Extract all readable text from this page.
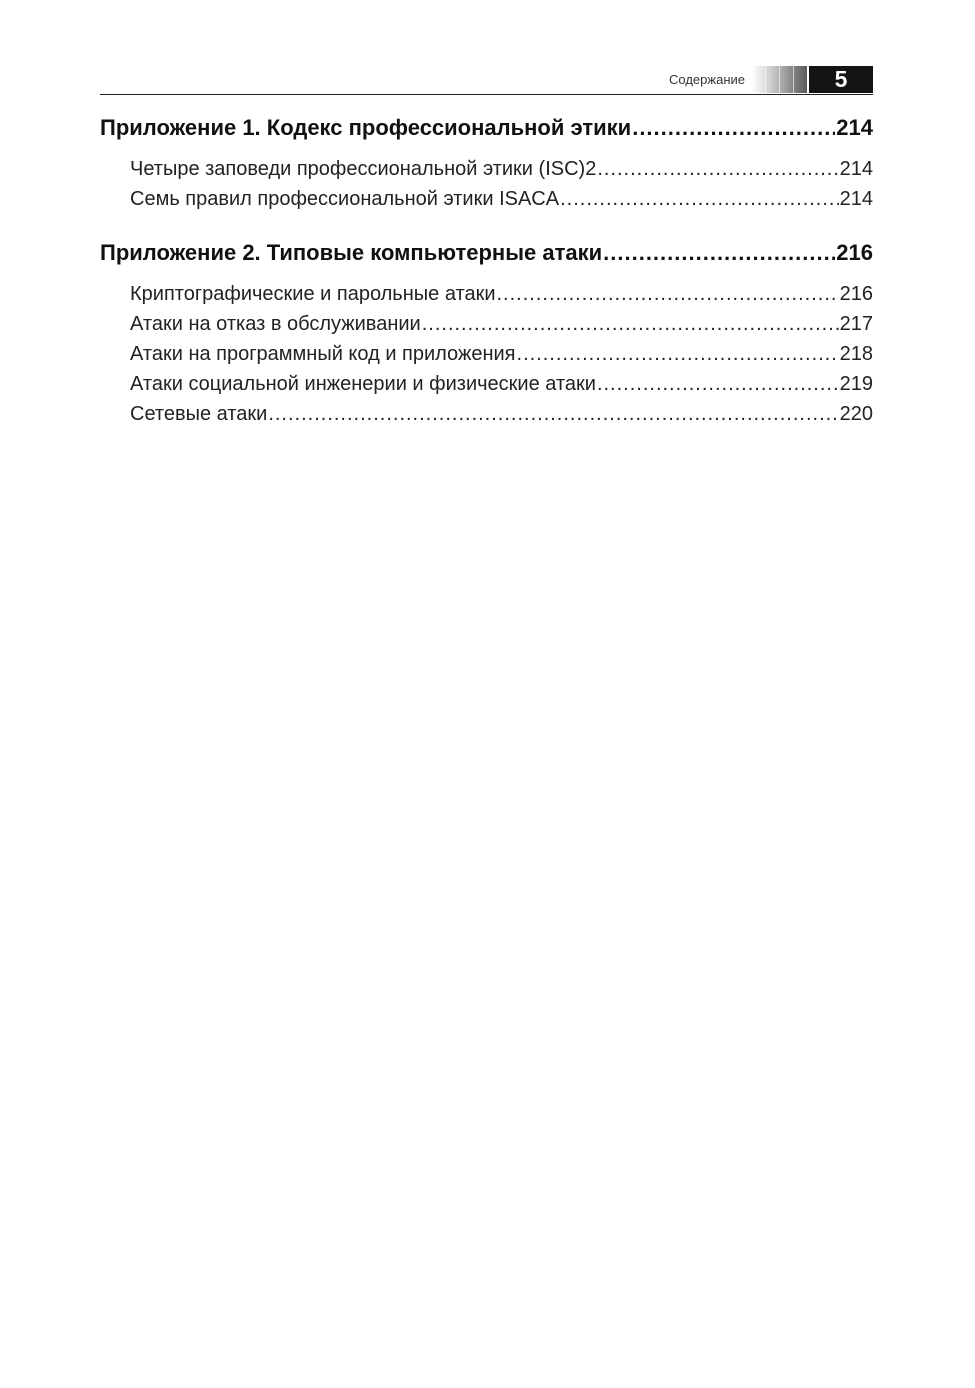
Содержание	5
Приложение 1. Кодекс профессиональной этики .....	214
Четыре заповеди профессиональной этики (ISC)2 .....	214
Семь правил профессиональной этики ISACA .....	214
Приложение 2. Типовые компьютерные атаки .....	216
Криптографические и парольные атаки .....	216
Атаки на отказ в обслуживании .....	217
Атаки на программный код и приложения .....	218
Атаки социальной инженерии и физические атаки .....	219
Сетевые атаки .....	220
